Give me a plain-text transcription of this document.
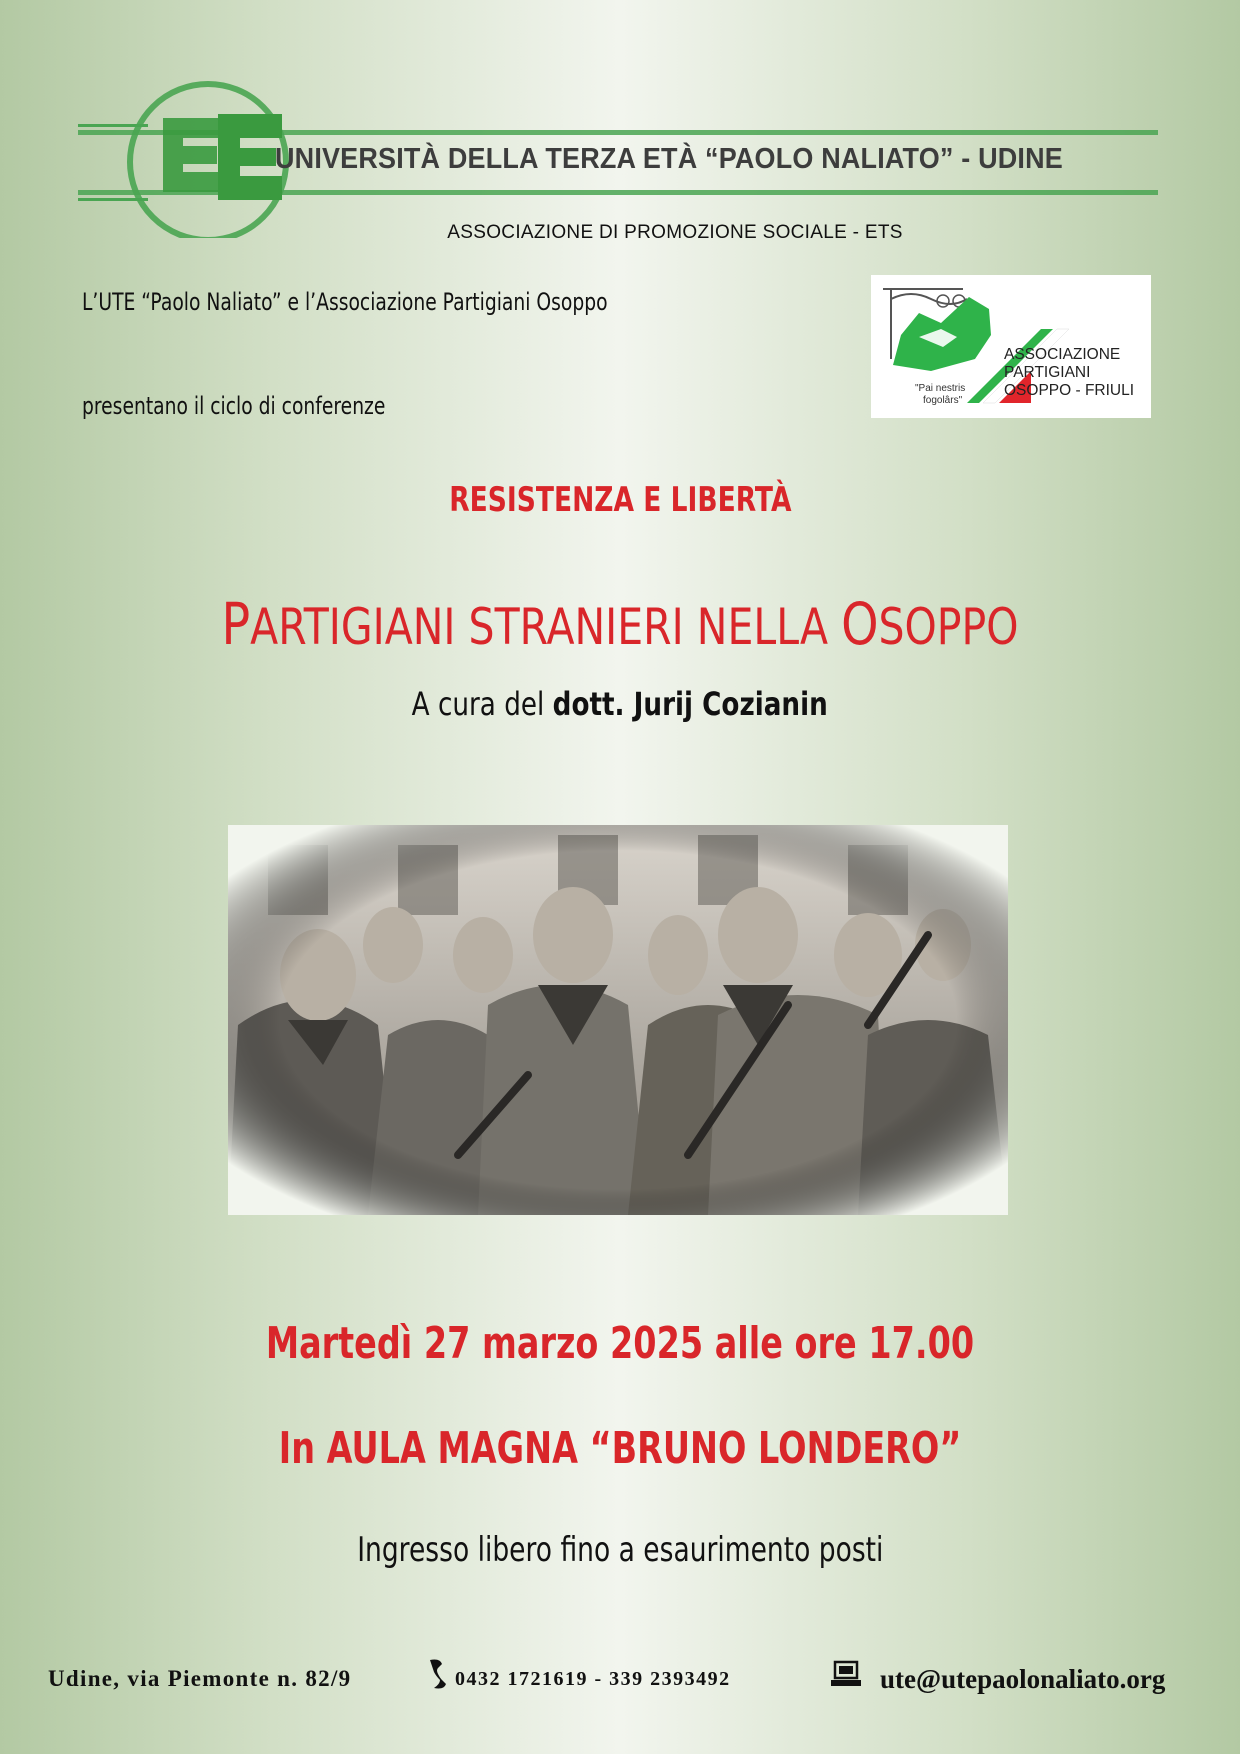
UNIVERSITÀ DELLA TERZA ETÀ “PAOLO NALIATO” - UDINE
ASSOCIAZIONE DI PROMOZIONE SOCIALE - ETS
L’UTE “Paolo Naliato” e l’Associazione Partigiani Osoppo
presentano il ciclo di conferenze
"Pai nestris
fogolârs"
ASSOCIAZIONE
PARTIGIANI
OSOPPO - FRIULI
RESISTENZA E LIBERTÀ
PARTIGIANI STRANIERI NELLA OSOPPO
A cura del dott. Jurij Cozianin
Martedì 27 marzo 2025 alle ore 17.00
In AULA MAGNA “BRUNO LONDERO”
Ingresso libero fino a esaurimento posti
Udine, via Piemonte n. 82/9	0432 1721619 - 339 2393492	ute@utepaolonaliato.org
